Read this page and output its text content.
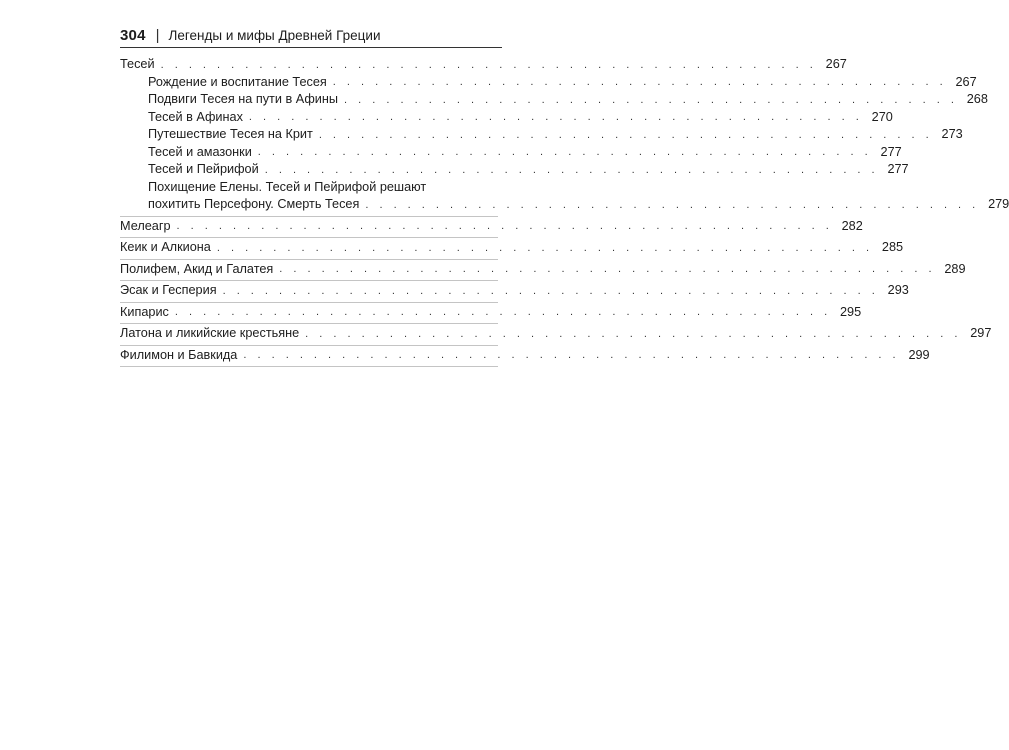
304 | Легенды и мифы Древней Греции
Тесей . . . . . . . . . . . . . . . . . . . . . . . . . . . . . . . . . . . . . . . . . . . . . . . 267
Рождение и воспитание Тесея . . . . . . . . . . . . . . . . . . . . . . . . . . . . . . . . . . . . . . . . . . . . 267
Подвиги Тесея на пути в Афины . . . . . . . . . . . . . . . . . . . . . . . . . . . . . . . . . . . . . . . . . . . . 268
Тесей в Афинах . . . . . . . . . . . . . . . . . . . . . . . . . . . . . . . . . . . . . . . . . . . . 270
Путешествие Тесея на Крит . . . . . . . . . . . . . . . . . . . . . . . . . . . . . . . . . . . . . . . . . . . . 273
Тесей и амазонки . . . . . . . . . . . . . . . . . . . . . . . . . . . . . . . . . . . . . . . . . . . . 277
Тесей и Пейрифой . . . . . . . . . . . . . . . . . . . . . . . . . . . . . . . . . . . . . . . . . . . . 277
Похищение Елены. Тесей и Пейрифой решают
похитить Персефону. Смерть Тесея . . . . . . . . . . . . . . . . . . . . . . . . . . . . . . . . . . . . . . . . . . . . 279
Мелеагр . . . . . . . . . . . . . . . . . . . . . . . . . . . . . . . . . . . . . . . . . . . . . . . 282
Кеик и Алкиона . . . . . . . . . . . . . . . . . . . . . . . . . . . . . . . . . . . . . . . . . . . . . . . 285
Полифем, Акид и Галатея . . . . . . . . . . . . . . . . . . . . . . . . . . . . . . . . . . . . . . . . . . . . . . . 289
Эсак и Гесперия . . . . . . . . . . . . . . . . . . . . . . . . . . . . . . . . . . . . . . . . . . . . . . . 293
Кипарис . . . . . . . . . . . . . . . . . . . . . . . . . . . . . . . . . . . . . . . . . . . . . . . 295
Латона и ликийские крестьяне . . . . . . . . . . . . . . . . . . . . . . . . . . . . . . . . . . . . . . . . . . . . . . . 297
Филимон и Бавкида . . . . . . . . . . . . . . . . . . . . . . . . . . . . . . . . . . . . . . . . . . . . . . . 299
